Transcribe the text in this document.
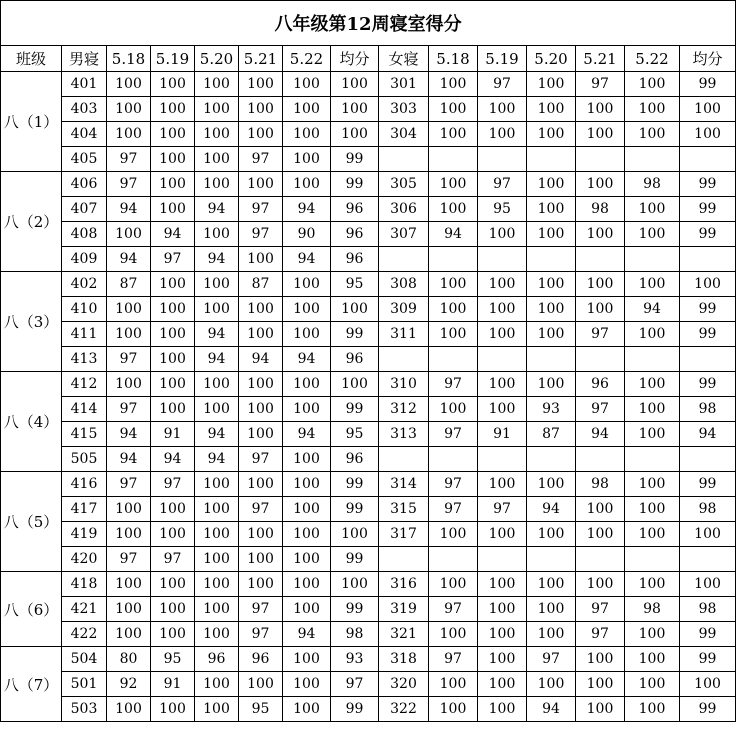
八年级第12周寝室得分														
班级	男寝	5.18	5.19	5.20	5.21	5.22	均分	女寝	5.18	5.19	5.20	5.21	5.22	均分
八（1）	401	100	100	100	100	100	100	301	100	97	100	97	100	99
	403	100	100	100	100	100	100	303	100	100	100	100	100	100
	404	100	100	100	100	100	100	304	100	100	100	100	100	100
	405	97	100	100	97	100	99							
八（2）	406	97	100	100	100	100	99	305	100	97	100	100	98	99
	407	94	100	94	97	94	96	306	100	95	100	98	100	99
	408	100	94	100	97	90	96	307	94	100	100	100	100	99
	409	94	97	94	100	94	96							
八（3）	402	87	100	100	87	100	95	308	100	100	100	100	100	100
	410	100	100	100	100	100	100	309	100	100	100	100	94	99
	411	100	100	94	100	100	99	311	100	100	100	97	100	99
	413	97	100	94	94	94	96							
八（4）	412	100	100	100	100	100	100	310	97	100	100	96	100	99
	414	97	100	100	100	100	99	312	100	100	93	97	100	98
	415	94	91	94	100	94	95	313	97	91	87	94	100	94
	505	94	94	94	97	100	96							
八（5）	416	97	97	100	100	100	99	314	97	100	100	98	100	99
	417	100	100	100	97	100	99	315	97	97	94	100	100	98
	419	100	100	100	100	100	100	317	100	100	100	100	100	100
	420	97	97	100	100	100	99							
八（6）	418	100	100	100	100	100	100	316	100	100	100	100	100	100
	421	100	100	100	97	100	99	319	97	100	100	97	98	98
	422	100	100	100	97	94	98	321	100	100	100	97	100	99
八（7）	504	80	95	96	96	100	93	318	97	100	97	100	100	99
	501	92	91	100	100	100	97	320	100	100	100	100	100	100
	503	100	100	100	95	100	99	322	100	100	94	100	100	99
